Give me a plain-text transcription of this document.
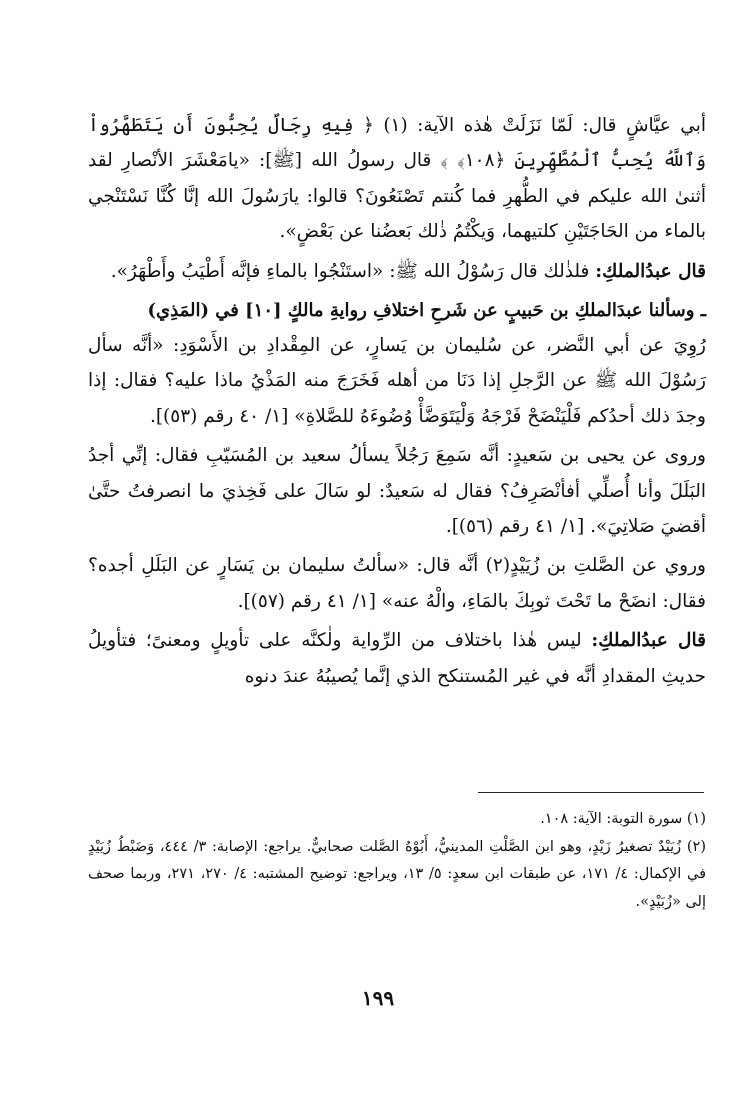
أبي عيَّاشٍ قال: لَمّا نَزَلَتْ هٰذه الآية: (١) ﴿ فِيهِ رِجَالٌ يُحِبُّونَ أَن يَتَطَهَّرُواْ وَٱللَّهُ يُحِبُّ ٱلْمُطَّهِّرِينَ ﴿١٠٨﴾ ﴾ قال رسولُ الله [ﷺ]: «يامَعْشَرَ الأنْصارِ لقد أثنىٰ الله عليكم في الطُّهرِ فما كُنتم تَصْنَعُونَ؟ قالوا: يارَسُولَ الله إنَّا كُنَّا نَسْتَنْجي بالماء من الحَاجَتَيْنِ كلتيهما، وَيكْتُمُ ذٰلك بَعضُنا عن بَعْضٍ».

قال عبدُالملكِ: فلذٰلك قال رَسُوْلُ الله ﷺ: «استَنْجُوا بالماءِ فإنَّه أَطْيَبُ وأَطْهَرُ».

ـ وسألنا عبدَالملكِ بن حَبيبٍ عن شَرحِ اختلافِ روايةِ مالكٍ [١٠] في (المَذِي)

رُوِيَ عن أبي النَّضر، عن سُليمان بن يَسارٍ، عن المِقْدادِ بن الأَسْوَدِ: «أنَّه سأل رَسُوْلَ الله ﷺ عن الرَّجلِ إذا دَنَا من أهله فَخَرَجَ منه المَذْيُ ماذا عليه؟ فقال: إذا وجدَ ذلك أحدُكم فَلْيَنْضَحْ فَرْجَهُ وَلْيَتَوَضَّأْ وُضُوءَهُ للصَّلاةِ» [١/ ٤٠ رقم (٥٣)].

وروى عن يحيى بن سَعيدٍ: أنَّه سَمِعَ رَجُلاً يسألُ سعيد بن المُسَيّبِ فقال: إنِّي أجدُ البَلَلَ وأنا أُصلِّي أفأنْصَرِفُ؟ فقال له سَعيدٌ: لو سَالَ على فَخِذيَ ما انصرفتُ حتَّىٰ أقضيَ صَلاتِيَ». [١/ ٤١ رقم (٥٦)].

وروي عن الصَّلتِ بن زُيَيْدٍ(٢) أنَّه قال: «سألتُ سليمان بن يَسَارٍ عن البَلَلِ أجده؟ فقال: انضَحْ ما تَحْتَ ثوبِكَ بالمَاءِ، والْهُ عنه» [١/ ٤١ رقم (٥٧)].

قال عبدُالملكِ: ليس هٰذا باختلاف من الرِّواية ولٰكنَّه على تأويلٍ ومعنىً؛ فتأويلُ حديثِ المقدادِ أنَّه في غير المُستنكح الذي إنَّما يُصيبُهُ عندَ دنوه

(١) سورة التوبة: الآية: ١٠٨.

(٢) زُيَيْدٌ تصغيرُ زَيْدٍ، وهو ابن الصَّلْتِ المدينيُّ، أَبُوْهُ الصَّلت صحابيٌّ. يراجع: الإصابة: ٣/ ٤٤٤، وَضَبْطُ زُيَيْدٍ في الإكمال: ٤/ ١٧١، عن طبقات ابن سعدٍ: ٥/ ١٣، ويراجع: توضيح المشتبه: ٤/ ٢٧٠، ٢٧١، وربما صحف إلى «زُبَيْدٍ».

١٩٩
